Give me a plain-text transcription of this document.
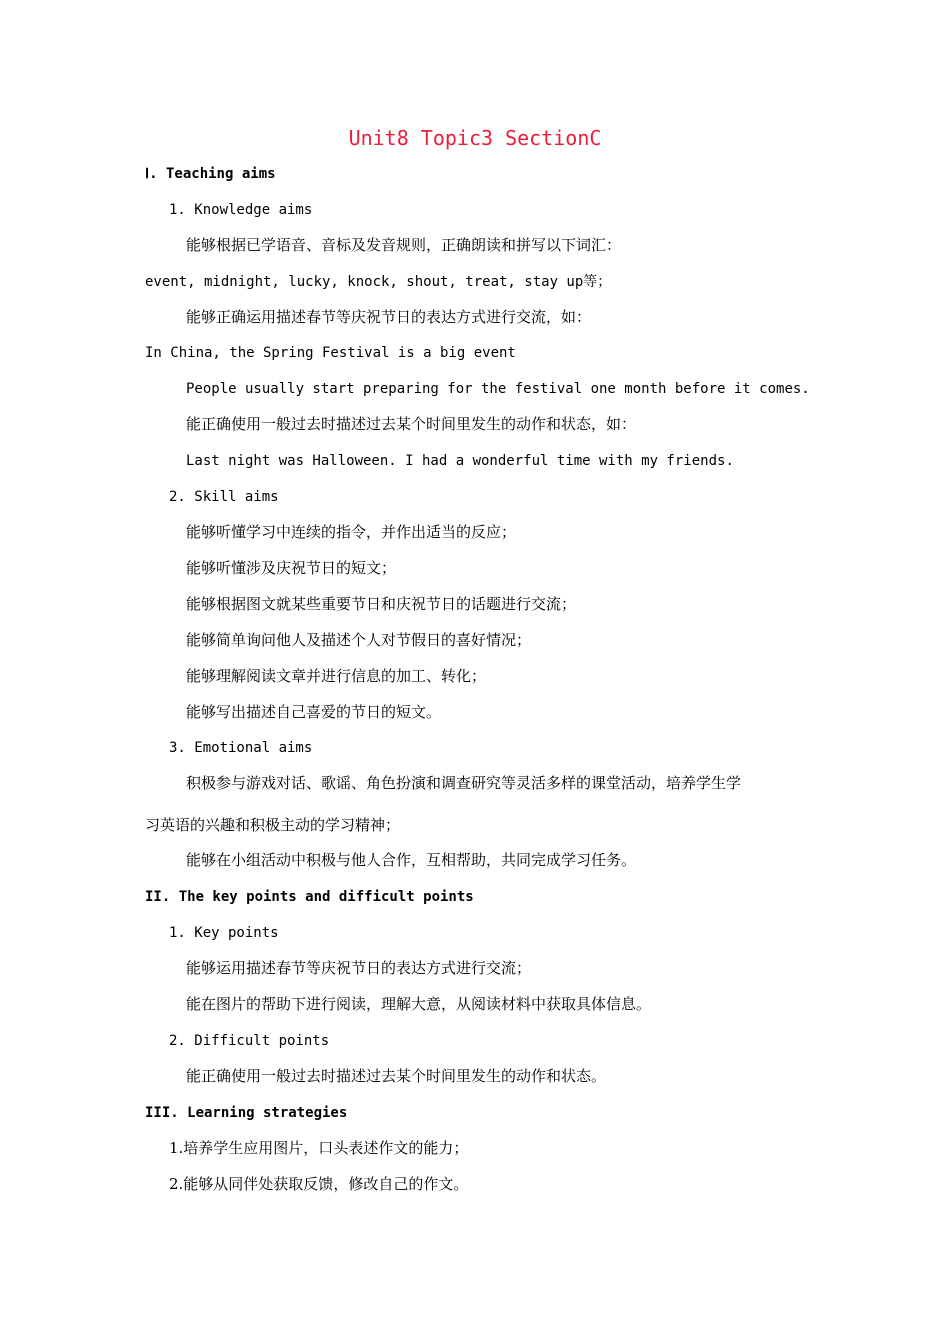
Unit8 Topic3 SectionC
Ⅰ. Teaching aims
1. Knowledge aims
能够根据已学语音、音标及发音规则，正确朗读和拼写以下词汇：
event, midnight, lucky, knock, shout, treat, stay up等；
能够正确运用描述春节等庆祝节日的表达方式进行交流，如：
In China, the Spring Festival is a big event
People usually start preparing for the festival one month before it comes.
能正确使用一般过去时描述过去某个时间里发生的动作和状态，如：
Last night was Halloween. I had a wonderful time with my friends.
2. Skill aims
能够听懂学习中连续的指令，并作出适当的反应；
能够听懂涉及庆祝节日的短文；
能够根据图文就某些重要节日和庆祝节日的话题进行交流；
能够简单询问他人及描述个人对节假日的喜好情况；
能够理解阅读文章并进行信息的加工、转化；
能够写出描述自己喜爱的节日的短文。
3. Emotional aims
积极参与游戏对话、歌谣、角色扮演和调查研究等灵活多样的课堂活动，培养学生学
习英语的兴趣和积极主动的学习精神；
能够在小组活动中积极与他人合作，互相帮助，共同完成学习任务。
II. The key points and difficult points
1. Key points
能够运用描述春节等庆祝节日的表达方式进行交流；
能在图片的帮助下进行阅读，理解大意，从阅读材料中获取具体信息。
2. Difficult points
能正确使用一般过去时描述过去某个时间里发生的动作和状态。
III. Learning strategies
1.培养学生应用图片，口头表述作文的能力；
2.能够从同伴处获取反馈，修改自己的作文。
